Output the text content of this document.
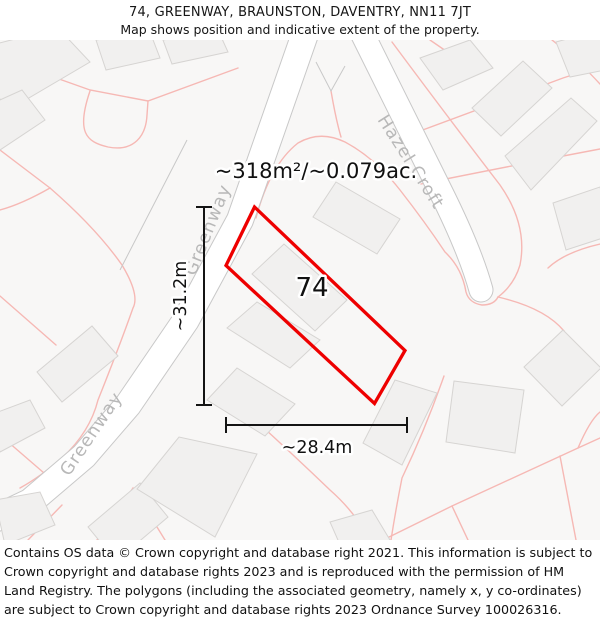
74, GREENWAY, BRAUNSTON, DAVENTRY, NN11 7JT
Map shows position and indicative extent of the property.
Greenway
Greenway
Hazel Croft
~31.2m
~28.4m
~318m²/~0.079ac.
74
Contains OS data © Crown copyright and database right 2021. This information is subject to Crown copyright and database rights 2023 and is reproduced with the permission of HM Land Registry. The polygons (including the associated geometry, namely x, y co-ordinates) are subject to Crown copyright and database rights 2023 Ordnance Survey 100026316.
